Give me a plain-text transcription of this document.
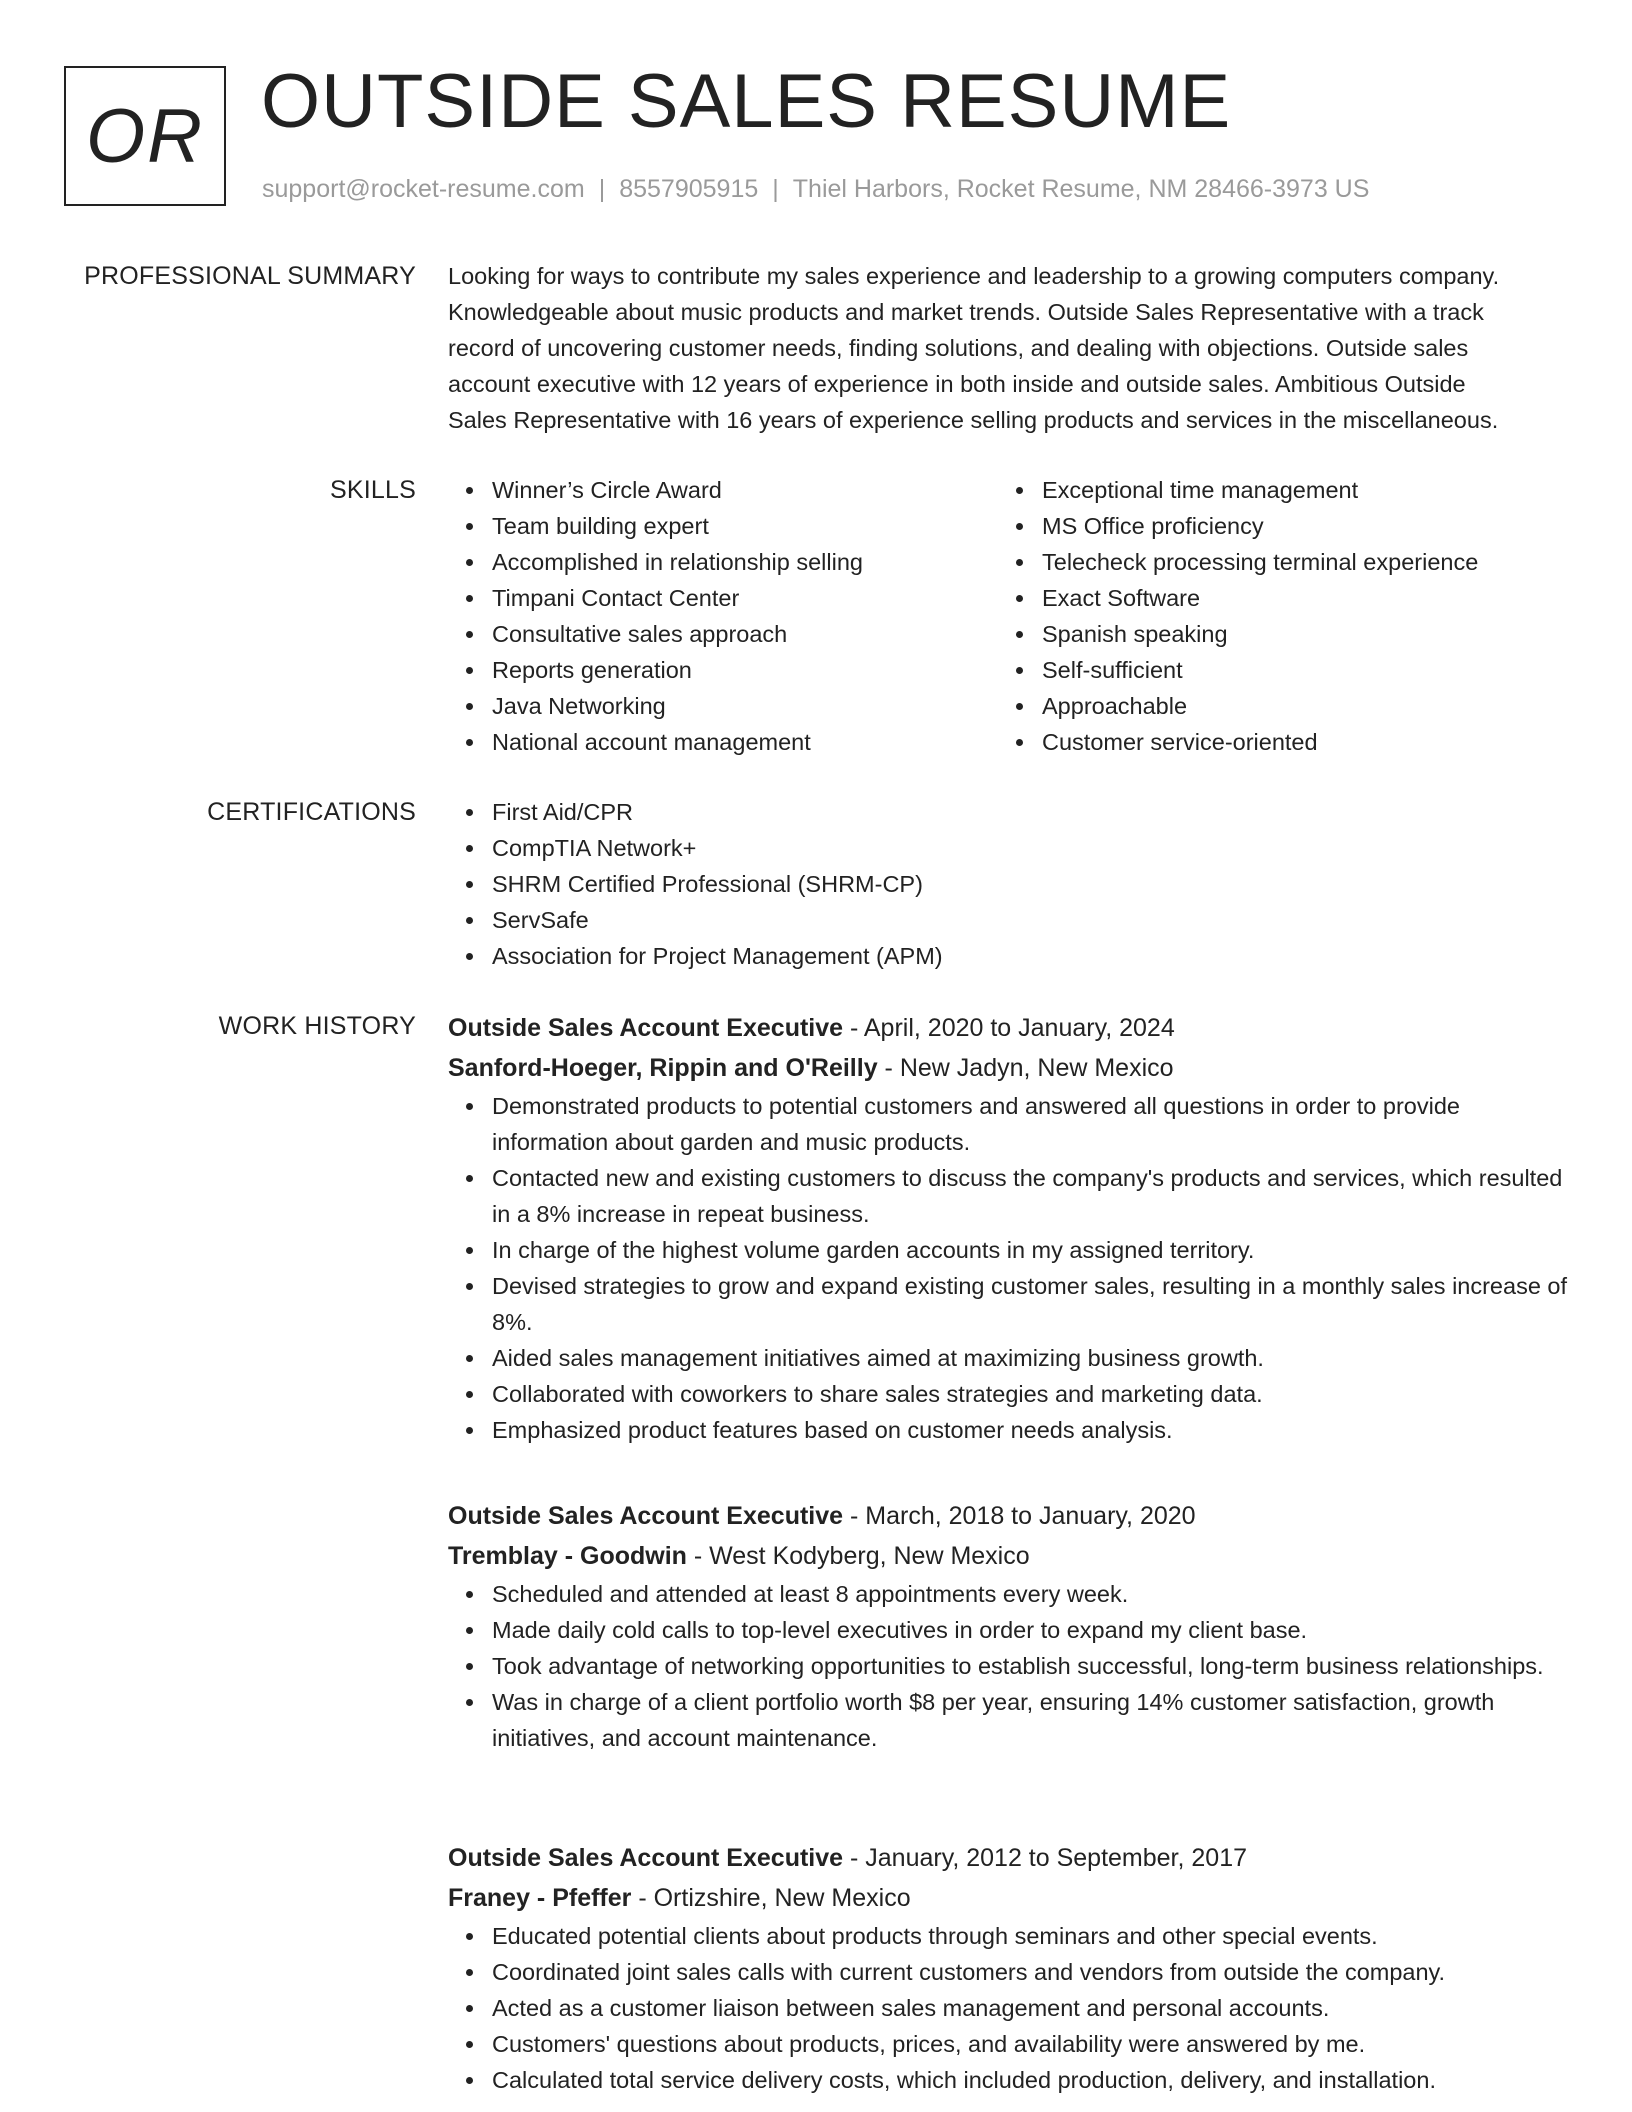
OR OUTSIDE SALES RESUME
support@rocket-resume.com | 8557905915 | Thiel Harbors, Rocket Resume, NM 28466-3973 US
PROFESSIONAL SUMMARY Looking for ways to contribute my sales experience and leadership to a growing computers company.
Knowledgeable about music products and market trends. Outside Sales Representative with a track
record of uncovering customer needs, finding solutions, and dealing with objections. Outside sales
account executive with 12 years of experience in both inside and outside sales. Ambitious Outside
Sales Representative with 16 years of experience selling products and services in the miscellaneous.
SKILLS	Winner’s Circle Award
Team building expert
Accomplished in relationship selling
Timpani Contact Center
Consultative sales approach
Reports generation
Java Networking
National account management
Exceptional time management
MS Office proficiency
Telecheck processing terminal experience
Exact Software
Spanish speaking
Self-sufficient
Approachable
Customer service-oriented
CERTIFICATIONS	First Aid/CPR
CompTIA Network+
SHRM Certified Professional (SHRM-CP)
ServSafe
Association for Project Management (APM)
WORK HISTORY Outside Sales Account Executive - April, 2020 to January, 2024
Sanford-Hoeger, Rippin and O'Reilly - New Jadyn, New Mexico
Demonstrated products to potential customers and answered all questions in order to provide information about garden and music products.
Contacted new and existing customers to discuss the company's products and services, which resulted in a 8% increase in repeat business.
In charge of the highest volume garden accounts in my assigned territory.
Devised strategies to grow and expand existing customer sales, resulting in a monthly sales increase of 8%.
Aided sales management initiatives aimed at maximizing business growth.
Collaborated with coworkers to share sales strategies and marketing data.
Emphasized product features based on customer needs analysis.
Outside Sales Account Executive - March, 2018 to January, 2020
Tremblay - Goodwin - West Kodyberg, New Mexico
Scheduled and attended at least 8 appointments every week.
Made daily cold calls to top-level executives in order to expand my client base.
Took advantage of networking opportunities to establish successful, long-term business relationships.
Was in charge of a client portfolio worth $8 per year, ensuring 14% customer satisfaction, growth initiatives, and account maintenance.
Outside Sales Account Executive - January, 2012 to September, 2017
Franey - Pfeffer - Ortizshire, New Mexico
Educated potential clients about products through seminars and other special events.
Coordinated joint sales calls with current customers and vendors from outside the company.
Acted as a customer liaison between sales management and personal accounts.
Customers' questions about products, prices, and availability were answered by me.
Calculated total service delivery costs, which included production, delivery, and installation.
